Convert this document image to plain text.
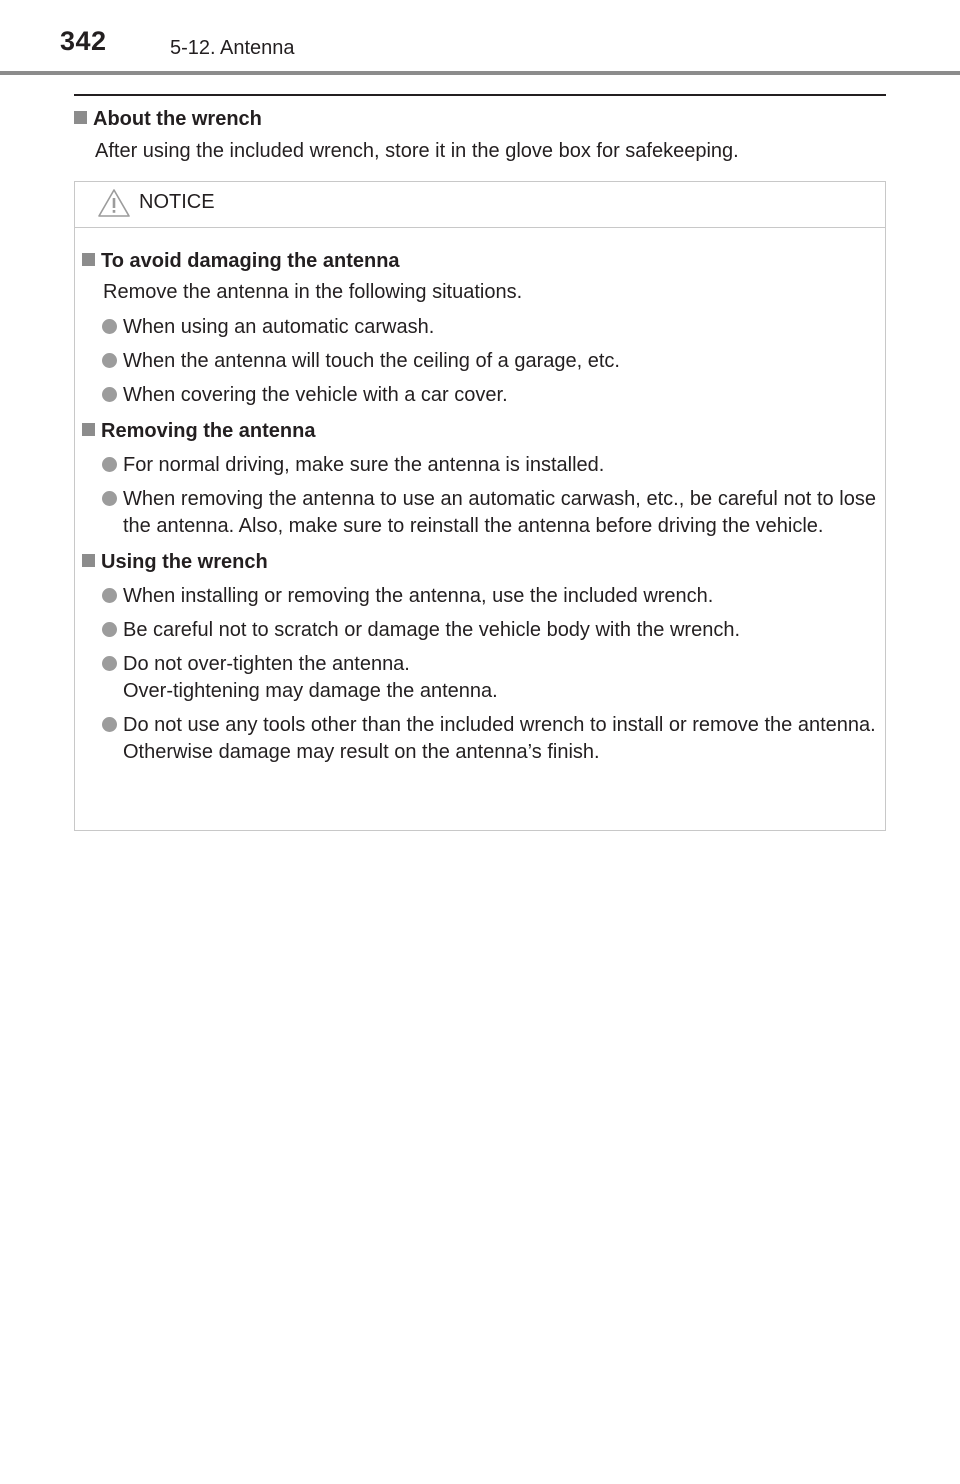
342	5-12. Antenna
About the wrench
After using the included wrench, store it in the glove box for safekeeping.
NOTICE
To avoid damaging the antenna
Remove the antenna in the following situations.
When using an automatic carwash.
When the antenna will touch the ceiling of a garage, etc.
When covering the vehicle with a car cover.
Removing the antenna
For normal driving, make sure the antenna is installed.
When removing the antenna to use an automatic carwash, etc., be careful not to lose the antenna. Also, make sure to reinstall the antenna before driving the vehicle.
Using the wrench
When installing or removing the antenna, use the included wrench.
Be careful not to scratch or damage the vehicle body with the wrench.
Do not over-tighten the antenna.
Over-tightening may damage the antenna.
Do not use any tools other than the included wrench to install or remove the antenna.
Otherwise damage may result on the antenna’s finish.
